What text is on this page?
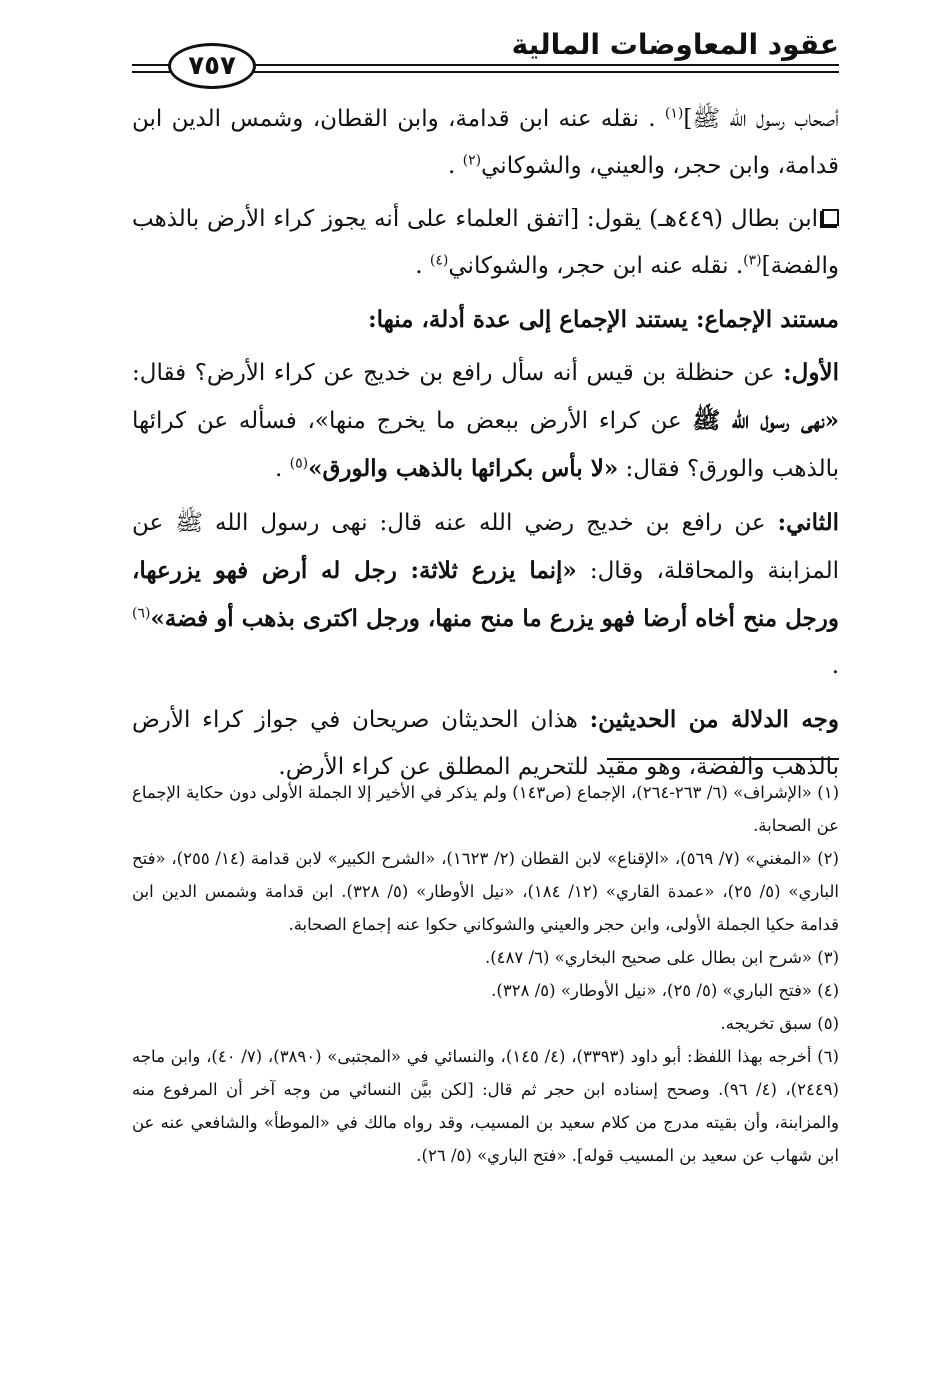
عقود المعاوضات المالية
٧٥٧

أصحاب رسول الله ﷺ]$^{(١)}$ . نقله عنه ابن قدامة، وابن القطان، وشمس الدين ابن قدامة، وابن حجر، والعيني، والشوكاني$^{(٢)}$ .

ابن بطال (٤٤٩هـ) يقول: [اتفق العلماء على أنه يجوز كراء الأرض بالذهب والفضة]$^{(٣)}$. نقله عنه ابن حجر، والشوكاني$^{(٤)}$ .

مستند الإجماع: يستند الإجماع إلى عدة أدلة، منها:

الأول: عن حنظلة بن قيس أنه سأل رافع بن خديج عن كراء الأرض؟ فقال: «نهى رسول الله ﷺ عن كراء الأرض ببعض ما يخرج منها»، فسأله عن كرائها بالذهب والورق؟ فقال: «لا بأس بكرائها بالذهب والورق»$^{(٥)}$ .

الثاني: عن رافع بن خديج رضي الله عنه قال: نهى رسول الله ﷺ عن المزابنة والمحاقلة، وقال: «إنما يزرع ثلاثة: رجل له أرض فهو يزرعها، ورجل منح أخاه أرضا فهو يزرع ما منح منها، ورجل اكترى بذهب أو فضة»$^{(٦)}$ .

وجه الدلالة من الحديثين: هذان الحديثان صريحان في جواز كراء الأرض بالذهب والفضة، وهو مقيد للتحريم المطلق عن كراء الأرض.

(١) «الإشراف» (٦/ ٢٦٣-٢٦٤)، الإجماع (ص١٤٣) ولم يذكر في الأخير إلا الجملة الأولى دون حكاية الإجماع عن الصحابة.

(٢) «المغني» (٧/ ٥٦٩)، «الإقناع» لابن القطان (٢/ ١٦٢٣)، «الشرح الكبير» لابن قدامة (١٤/ ٢٥٥)، «فتح الباري» (٥/ ٢٥)، «عمدة القاري» (١٢/ ١٨٤)، «نيل الأوطار» (٥/ ٣٢٨). ابن قدامة وشمس الدين ابن قدامة حكيا الجملة الأولى، وابن حجر والعيني والشوكاني حكوا عنه إجماع الصحابة.

(٣) «شرح ابن بطال على صحيح البخاري» (٦/ ٤٨٧).

(٤) «فتح الباري» (٥/ ٢٥)، «نيل الأوطار» (٥/ ٣٢٨).

(٥) سبق تخريجه.

(٦) أخرجه بهذا اللفظ: أبو داود (٣٣٩٣)، (٤/ ١٤٥)، والنسائي في «المجتبى» (٣٨٩٠)، (٧/ ٤٠)، وابن ماجه (٢٤٤٩)، (٤/ ٩٦). وصحح إسناده ابن حجر ثم قال: [لكن بيَّن النسائي من وجه آخر أن المرفوع منه والمزابنة، وأن بقيته مدرج من كلام سعيد بن المسيب، وقد رواه مالك في «الموطأ» والشافعي عنه عن ابن شهاب عن سعيد بن المسيب قوله]. «فتح الباري» (٥/ ٢٦).
